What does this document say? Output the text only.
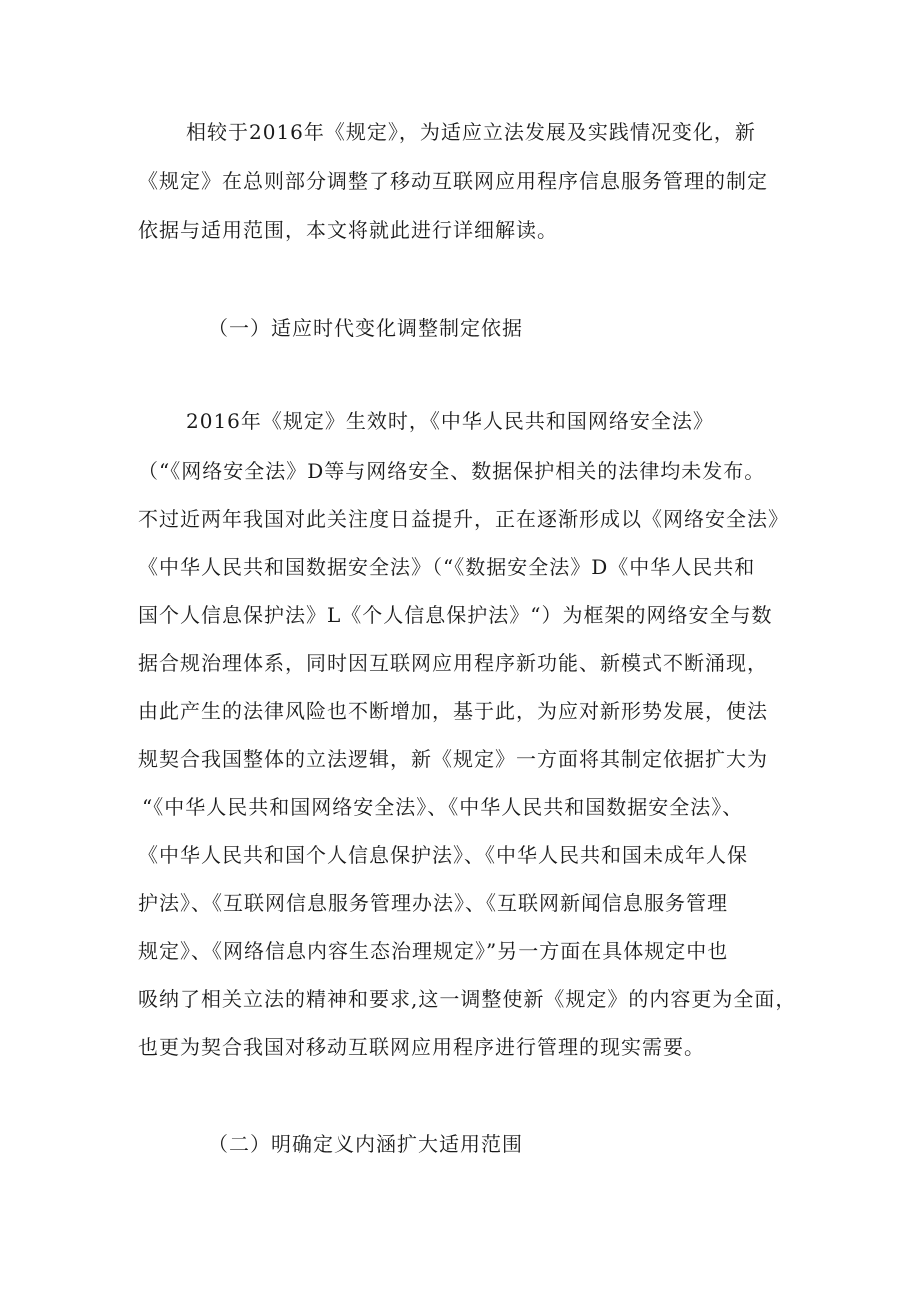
相较于2016年《规定》，为适应立法发展及实践情况变化，新
《规定》在总则部分调整了移动互联网应用程序信息服务管理的制定
依据与适用范围，本文将就此进行详细解读。
（一）适应时代变化调整制定依据
2016年《规定》生效时，《中华人民共和国网络安全法》
（“《网络安全法》D等与网络安全、数据保护相关的法律均未发布。
不过近两年我国对此关注度日益提升，正在逐渐形成以《网络安全法》
《中华人民共和国数据安全法》（“《数据安全法》D《中华人民共和
国个人信息保护法》L《个人信息保护法》“）为框架的网络安全与数
据合规治理体系，同时因互联网应用程序新功能、新模式不断涌现，
由此产生的法律风险也不断增加，基于此，为应对新形势发展，使法
规契合我国整体的立法逻辑，新《规定》一方面将其制定依据扩大为
“《中华人民共和国网络安全法》、《中华人民共和国数据安全法》、
《中华人民共和国个人信息保护法》、《中华人民共和国未成年人保
护法》、《互联网信息服务管理办法》、《互联网新闻信息服务管理
规定》、《网络信息内容生态治理规定》”另一方面在具体规定中也
吸纳了相关立法的精神和要求,这一调整使新《规定》的内容更为全面，
也更为契合我国对移动互联网应用程序进行管理的现实需要。
（二）明确定义内涵扩大适用范围
